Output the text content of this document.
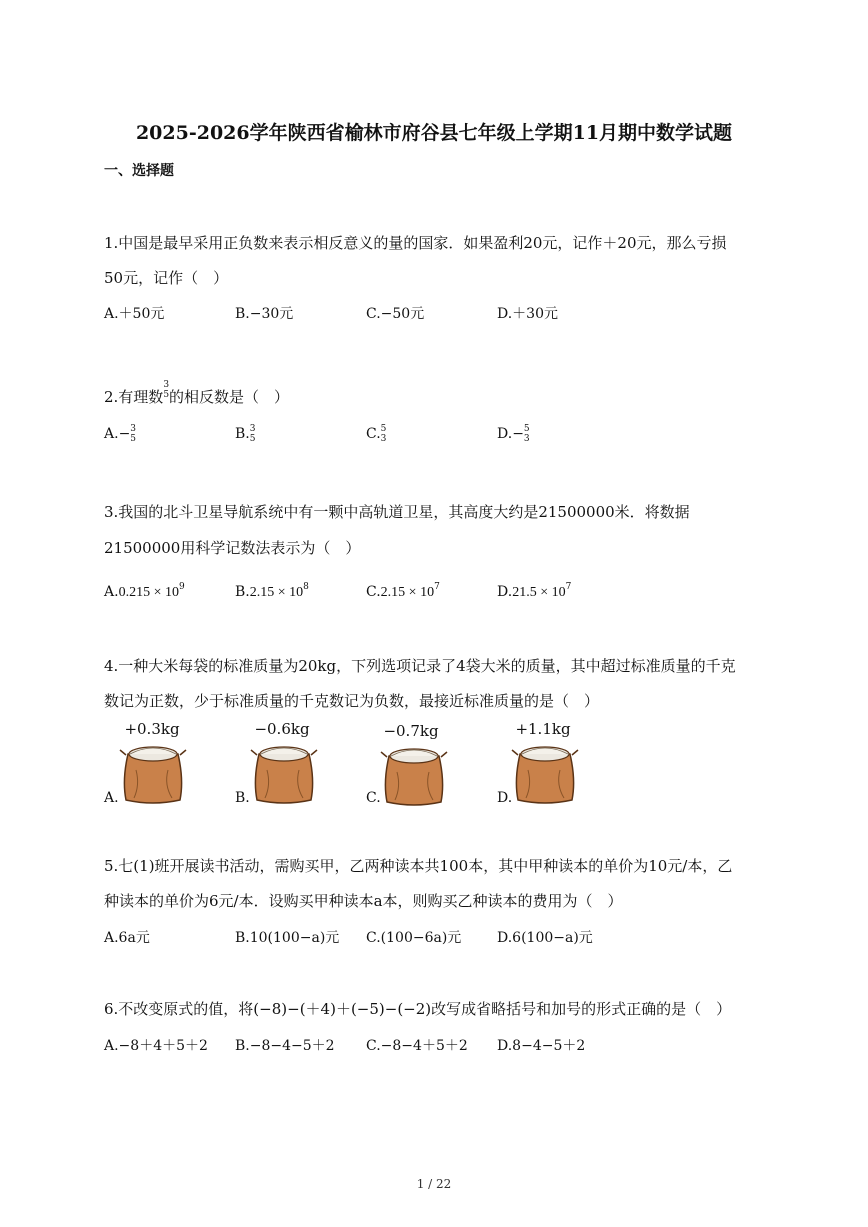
2025-2026学年陕西省榆林市府谷县七年级上学期11月期中数学试题
一、选择题
1.中国是最早采用正负数来表示相反意义的量的国家．如果盈利20元，记作＋20元，那么亏损
50元，记作（　）
A.＋50元	B.−30元	C.−50元	D.＋30元
2.有理数
3
5 的相反数是（　）
A.− 3
5	B. 3
5	C. 5
3	D.− 5
3
3.我国的北斗卫星导航系统中有一颗中高轨道卫星，其高度大约是21500000米．将数据
21500000用科学记数法表示为（　）
$A.0.215 \times 10^9$	$B.2.15 \times 10^8$	$C.2.15 \times 10^7$	$D.21.5 \times 10^7$
4.一种大米每袋的标准质量为20kg，下列选项记录了4袋大米的质量，其中超过标准质量的千克
数记为正数，少于标准质量的千克数记为负数，最接近标准质量的是（　）
A.
+0.3kg
B.
−0.6kg
C.
−0.7kg
D.
+1.1kg
5.七(1)班开展读书活动，需购买甲，乙两种读本共100本，其中甲种读本的单价为10元/本，乙
种读本的单价为6元/本．设购买甲种读本a本，则购买乙种读本的费用为（　）
A.6a元	B.10(100−a)元 C.(100−6a)元	D.6(100−a)元
6.不改变原式的值，将(−8)−(＋4)＋(−5)−(−2)改写成省略括号和加号的形式正确的是（　）
A.−8＋4＋5＋2 B.−8−4−5＋2 C.−8−4＋5＋2 D.8−4−5＋2
1 / 22
